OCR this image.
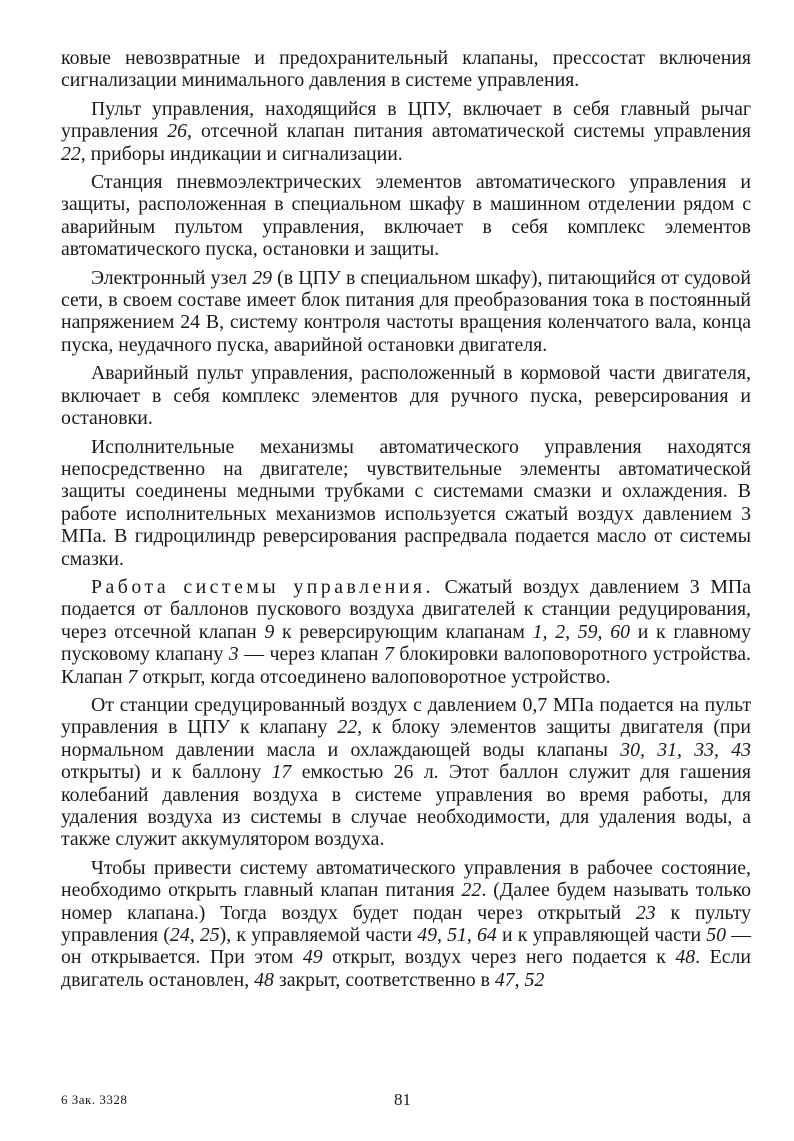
ковые невозвратные и предохранительный клапаны, прессостат включения сигнализации минимального давления в системе управления.

Пульт управления, находящийся в ЦПУ, включает в себя главный рычаг управления 26, отсечной клапан питания автоматической системы управления 22, приборы индикации и сигнализации.

Станция пневмоэлектрических элементов автоматического управления и защиты, расположенная в специальном шкафу в машинном отделении рядом с аварийным пультом управления, включает в себя комплекс элементов автоматического пуска, остановки и защиты.

Электронный узел 29 (в ЦПУ в специальном шкафу), питающийся от судовой сети, в своем составе имеет блок питания для преобразования тока в постоянный напряжением 24 В, систему контроля частоты вращения коленчатого вала, конца пуска, неудачного пуска, аварийной остановки двигателя.

Аварийный пульт управления, расположенный в кормовой части двигателя, включает в себя комплекс элементов для ручного пуска, реверсирования и остановки.

Исполнительные механизмы автоматического управления находятся непосредственно на двигателе; чувствительные элементы автоматической защиты соединены медными трубками с системами смазки и охлаждения. В работе исполнительных механизмов используется сжатый воздух давлением 3 МПа. В гидроцилиндр реверсирования распредвала подается масло от системы смазки.

Работа системы управления. Сжатый воздух давлением 3 МПа подается от баллонов пускового воздуха двигателей к станции редуцирования, через отсечной клапан 9 к реверсирующим клапанам 1, 2, 59, 60 и к главному пусковому клапану 3 — через клапан 7 блокировки валоповоротного устройства. Клапан 7 открыт, когда отсоединено валоповоротное устройство.

От станции средуцированный воздух с давлением 0,7 МПа подается на пульт управления в ЦПУ к клапану 22, к блоку элементов защиты двигателя (при нормальном давлении масла и охлаждающей воды клапаны 30, 31, 33, 43 открыты) и к баллону 17 емкостью 26 л. Этот баллон служит для гашения колебаний давления воздуха в системе управления во время работы, для удаления воздуха из системы в случае необходимости, для удаления воды, а также служит аккумулятором воздуха.

Чтобы привести систему автоматического управления в рабочее состояние, необходимо открыть главный клапан питания 22. (Далее будем называть только номер клапана.) Тогда воздух будет подан через открытый 23 к пульту управления (24, 25), к управляемой части 49, 51, 64 и к управляющей части 50 — он открывается. При этом 49 открыт, воздух через него подается к 48. Если двигатель остановлен, 48 закрыт, соответственно в 47, 52

6 Зак. 3328	81
